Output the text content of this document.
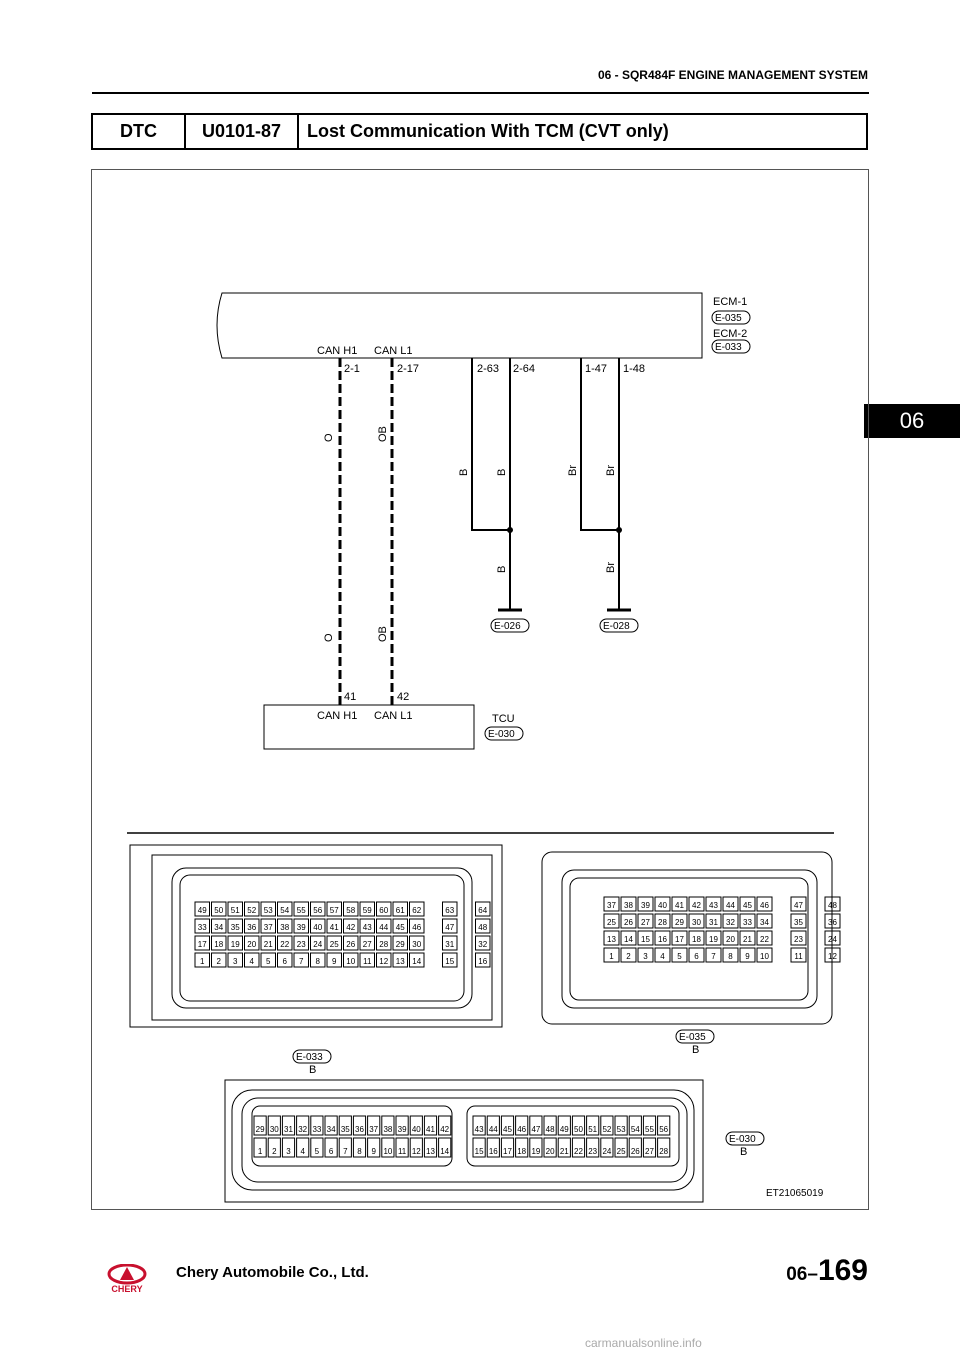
06 - SQR484F ENGINE MANAGEMENT SYSTEM
DTC	U0101-87	Lost Communication With TCM (CVT only)
06
ECM-1
E-035
ECM-2
E-033
CAN H1 CAN L1
2-1	2-17
O	OB
O	OB
41	42
2-63 2-64
B B
B
E-026
1-47 1-48
Br Br
Br
E-028
CAN H1 CAN L1	TCU
E-030
49 50 51 52 53 54 55 56 57 58 59 60 61 62	63	64
33 34 35 36 37 38 39 40 41 42 43 44 45 46	47	48
17 18 19 20 21 22 23 24 25 26 27 28 29 30	31	32
1 2 3 4 5 6 7 8 9 10 11 12 13 14	15	16
E-033
B
37 38 39 40 41 42 43 44 45 46	47	48
25 26 27 28 29 30 31 32 33 34	35	36
13 14 15 16 17 18 19 20 21 22	23	24
1 2 3 4 5 6 7 8 9 10	11	12
E-035
B
29 30 31 32 33 34 35 36 37 38 39 40 41 42
1 2 3 4 5 6 7 8 9 10 11 12 13 14
43 44 45 46 47 48 49 50 51 52 53 54 55 56
15 16 17 18 19 20 21 22 23 24 25 26 27 28
E-030
B
ET21065019
CHERY
Chery Automobile Co., Ltd.	06–169
carmanualsonline.info
